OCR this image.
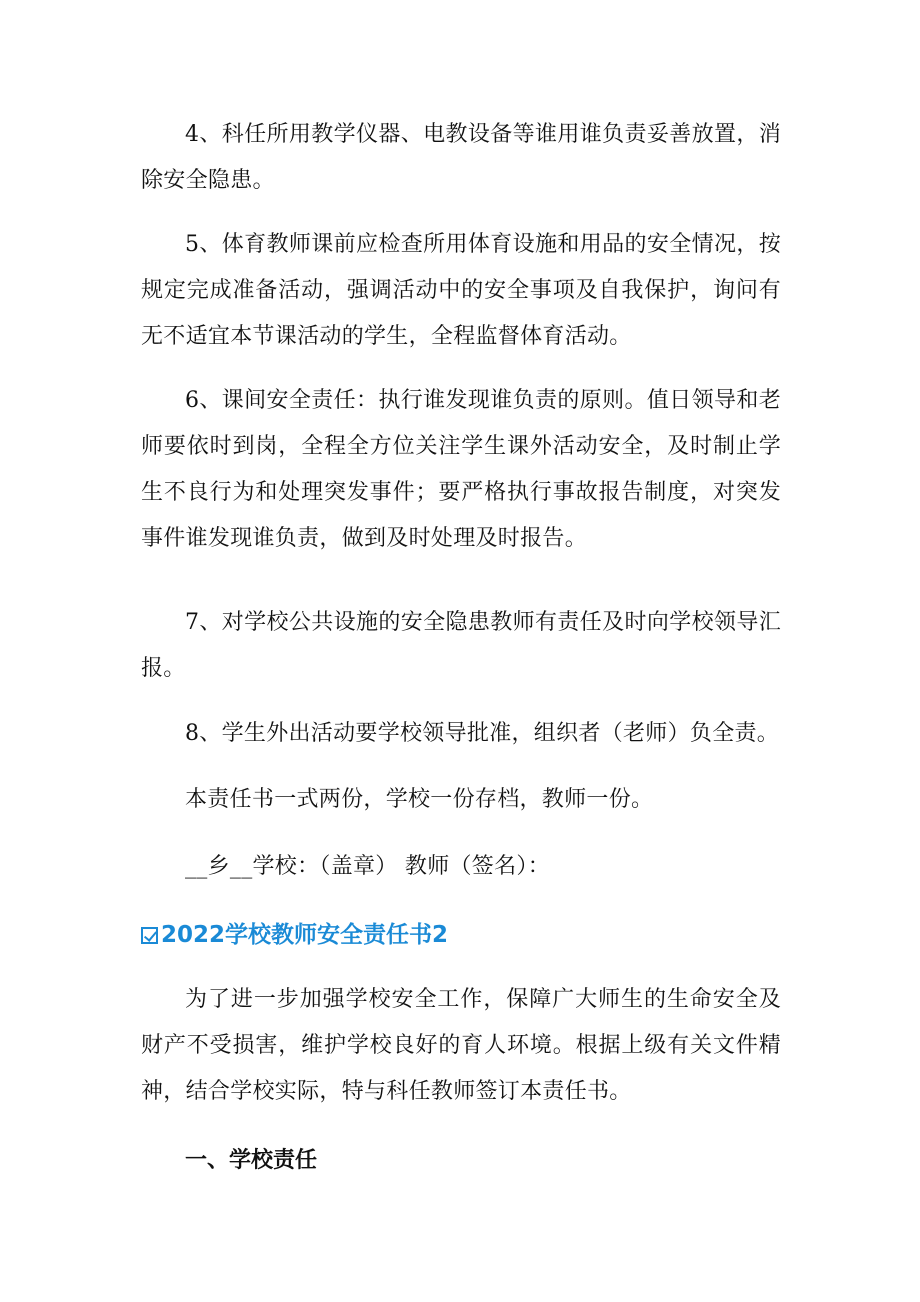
4、科任所用教学仪器、电教设备等谁用谁负责妥善放置，消除安全隐患。

5、体育教师课前应检查所用体育设施和用品的安全情况，按规定完成准备活动，强调活动中的安全事项及自我保护，询问有无不适宜本节课活动的学生，全程监督体育活动。

6、课间安全责任：执行谁发现谁负责的原则。值日领导和老师要依时到岗，全程全方位关注学生课外活动安全，及时制止学生不良行为和处理突发事件；要严格执行事故报告制度，对突发事件谁发现谁负责，做到及时处理及时报告。

7、对学校公共设施的安全隐患教师有责任及时向学校领导汇报。

8、学生外出活动要学校领导批准，组织者（老师）负全责。

本责任书一式两份，学校一份存档，教师一份。

__乡__学校：（盖章） 教师（签名）：

2022学校教师安全责任书2

为了进一步加强学校安全工作，保障广大师生的生命安全及财产不受损害，维护学校良好的育人环境。根据上级有关文件精神，结合学校实际，特与科任教师签订本责任书。

一、学校责任
